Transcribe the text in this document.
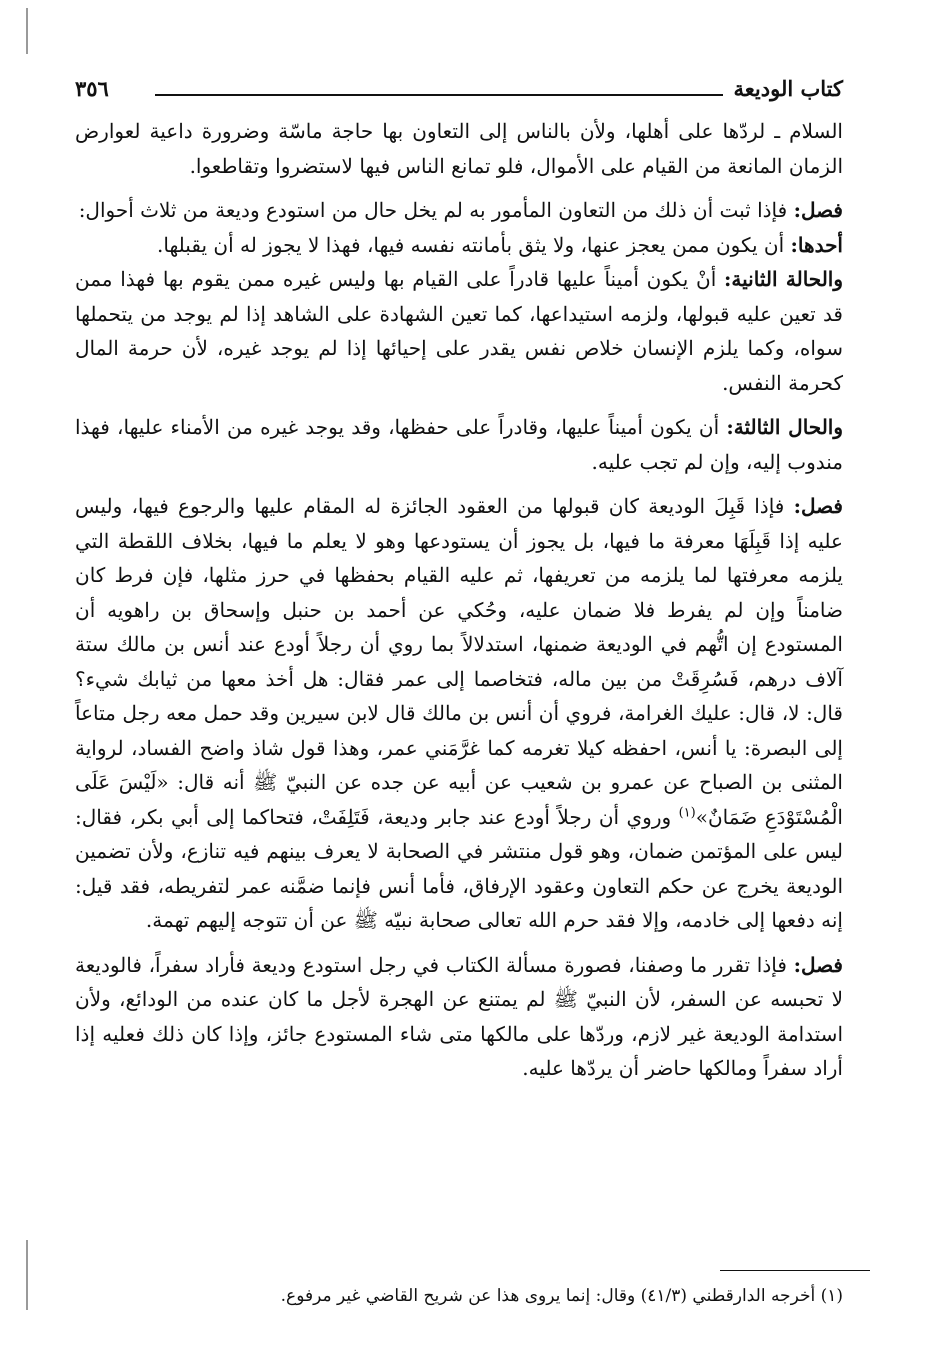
كتاب الوديعة
٣٥٦

السلام ـ لردّها على أهلها، ولأن بالناس إلى التعاون بها حاجة ماسّة وضرورة داعية لعوارض الزمان المانعة من القيام على الأموال، فلو تمانع الناس فيها لاستضروا وتقاطعوا.

فصل: فإذا ثبت أن ذلك من التعاون المأمور به لم يخل حال من استودع وديعة من ثلاث أحوال:

أحدها: أن يكون ممن يعجز عنها، ولا يثق بأمانته نفسه فيها، فهذا لا يجوز له أن يقبلها.

والحالة الثانية: أنْ يكون أميناً عليها قادراً على القيام بها وليس غيره ممن يقوم بها فهذا ممن قد تعين عليه قبولها، ولزمه استيداعها، كما تعين الشهادة على الشاهد إذا لم يوجد من يتحملها سواه، وكما يلزم الإنسان خلاص نفس يقدر على إحيائها إذا لم يوجد غيره، لأن حرمة المال كحرمة النفس.

والحال الثالثة: أن يكون أميناً عليها، وقادراً على حفظها، وقد يوجد غيره من الأمناء عليها، فهذا مندوب إليه، وإن لم تجب عليه.

فصل: فإذا قَبِلَ الوديعة كان قبولها من العقود الجائزة له المقام عليها والرجوع فيها، وليس عليه إذا قَبِلَهَا معرفة ما فيها، بل يجوز أن يستودعها وهو لا يعلم ما فيها، بخلاف اللقطة التي يلزمه معرفتها لما يلزمه من تعريفها، ثم عليه القيام بحفظها في حرز مثلها، فإن فرط كان ضامناً وإن لم يفرط فلا ضمان عليه، وحُكي عن أحمد بن حنبل وإسحاق بن راهويه أن المستودع إن اتُّهم في الوديعة ضمنها، استدلالاً بما روي أن رجلاً أودع عند أنس بن مالك ستة آلاف درهم، فَسُرِقَتْ من بين ماله، فتخاصما إلى عمر فقال: هل أخذ معها من ثيابك شيء؟ قال: لا، قال: عليك الغرامة، فروي أن أنس بن مالك قال لابن سيرين وقد حمل معه رجل متاعاً إلى البصرة: يا أنس، احفظه كيلا تغرمه كما غرَّمَني عمر، وهذا قول شاذ واضح الفساد، لرواية المثنى بن الصباح عن عمرو بن شعيب عن أبيه عن جده عن النبيّ ﷺ أنه قال: «لَيْسَ عَلَى الْمُسْتَوْدَعِ ضَمَانٌ»$^{(١)}$ وروي أن رجلاً أودع عند جابر وديعة، فَتَلِفَتْ، فتحاكما إلى أبي بكر، فقال: ليس على المؤتمن ضمان، وهو قول منتشر في الصحابة لا يعرف بينهم فيه تنازع، ولأن تضمين الوديعة يخرج عن حكم التعاون وعقود الإرفاق، فأما أنس فإنما ضمَّنه عمر لتفريطه، فقد قيل: إنه دفعها إلى خادمه، وإلا فقد حرم الله تعالى صحابة نبيّه ﷺ عن أن تتوجه إليهم تهمة.

فصل: فإذا تقرر ما وصفنا، فصورة مسألة الكتاب في رجل استودع وديعة فأراد سفراً، فالوديعة لا تحبسه عن السفر، لأن النبيّ ﷺ لم يمتنع عن الهجرة لأجل ما كان عنده من الودائع، ولأن استدامة الوديعة غير لازم، وردّها على مالكها متى شاء المستودع جائز، وإذا كان ذلك فعليه إذا أراد سفراً ومالكها حاضر أن يردّها عليه.

(١) أخرجه الدارقطني (٤١/٣) وقال: إنما يروى هذا عن شريح القاضي غير مرفوع.
